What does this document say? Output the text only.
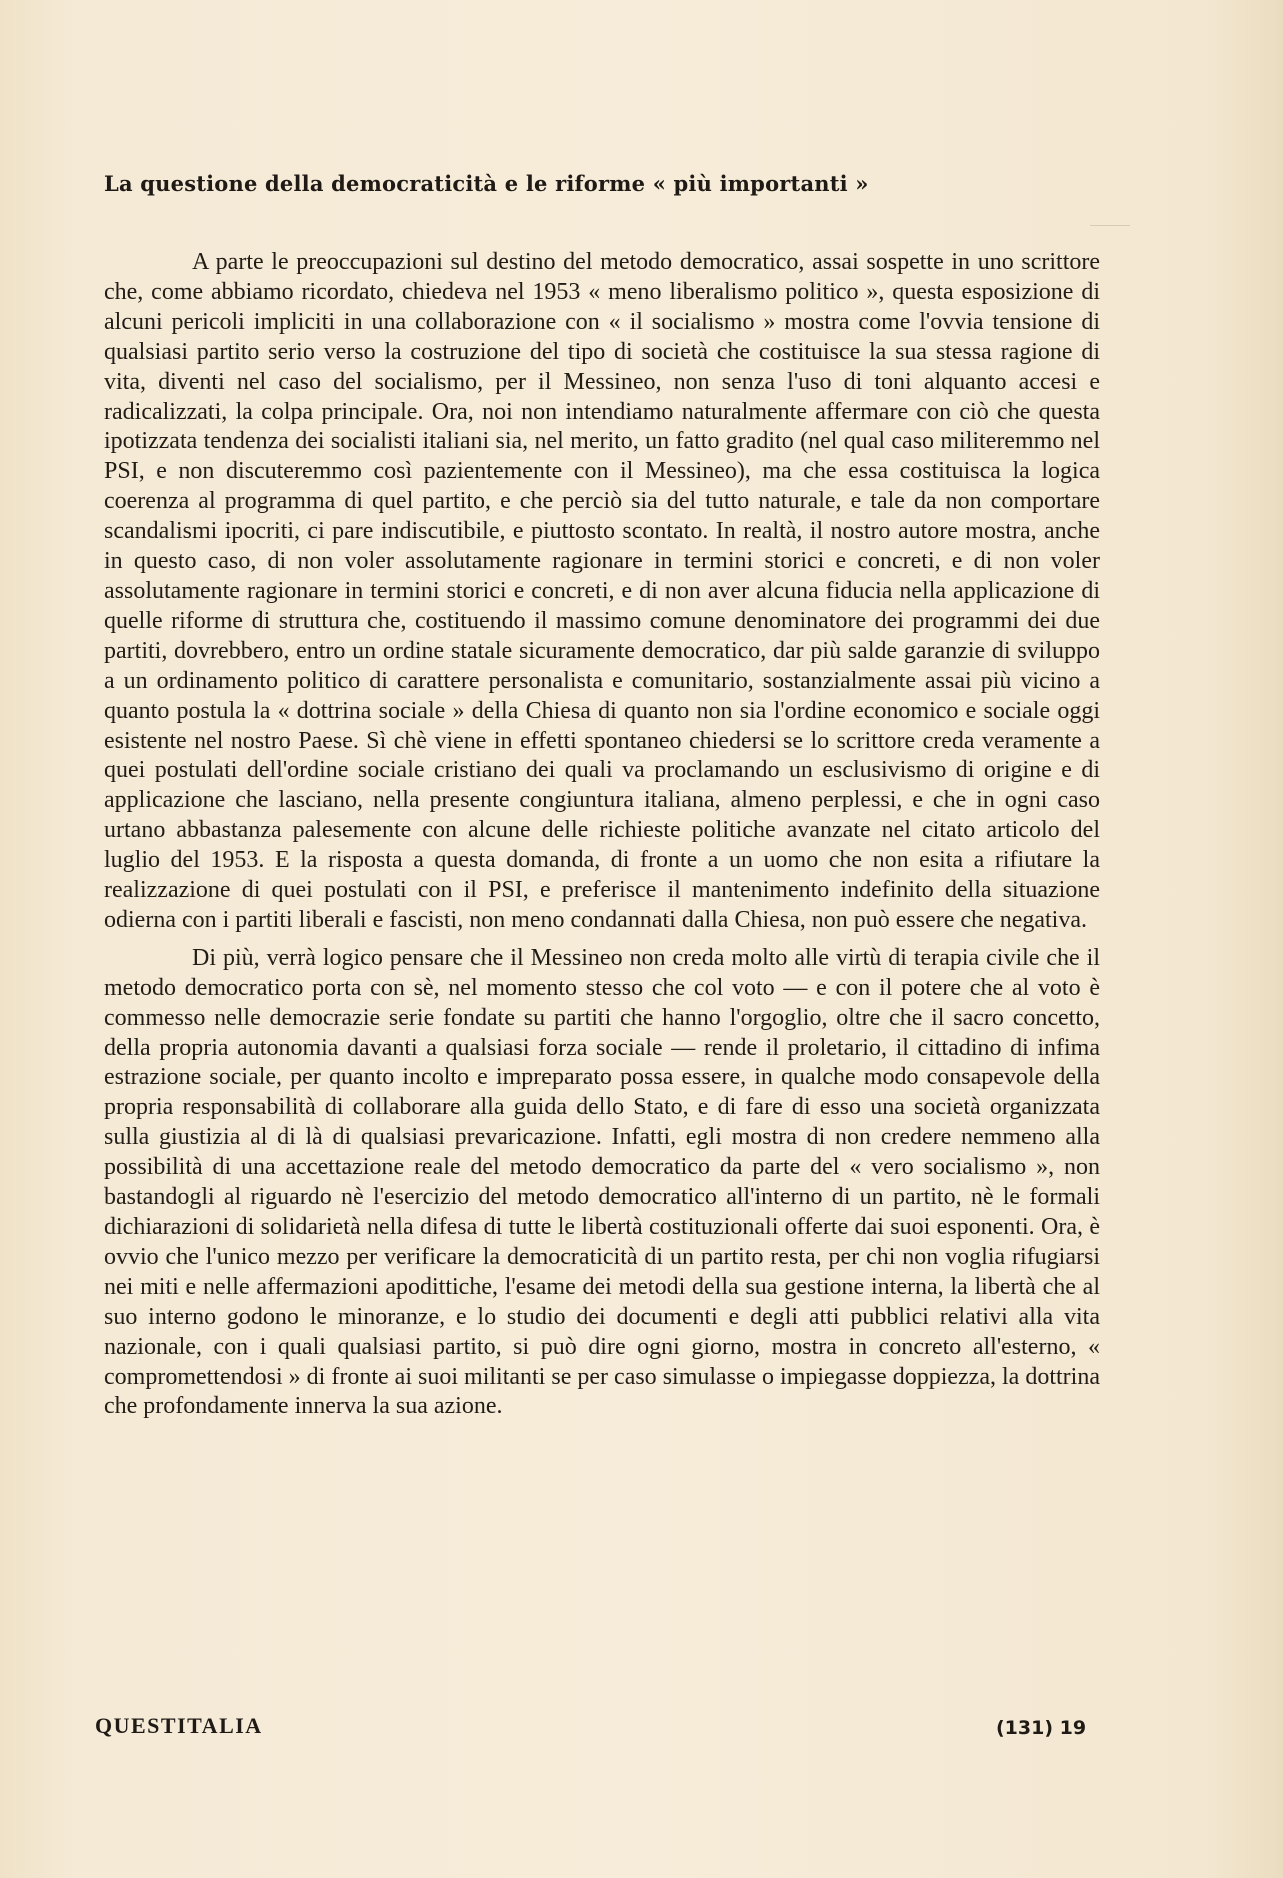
La questione della democraticità e le riforme « più importanti »

A parte le preoccupazioni sul destino del metodo democratico, assai sospette in uno scrittore che, come abbiamo ricordato, chiedeva nel 1953 « meno liberalismo politico », questa esposizione di alcuni pericoli impliciti in una collaborazione con « il socialismo » mostra come l'ovvia tensione di qualsiasi partito serio verso la costruzione del tipo di società che costituisce la sua stessa ragione di vita, diventi nel caso del socialismo, per il Messineo, non senza l'uso di toni alquanto accesi e radicalizzati, la colpa principale. Ora, noi non intendiamo naturalmente affermare con ciò che questa ipotizzata tendenza dei socialisti italiani sia, nel merito, un fatto gradito (nel qual caso militeremmo nel PSI, e non discuteremmo così pazientemente con il Messineo), ma che essa costituisca la logica coerenza al programma di quel partito, e che perciò sia del tutto naturale, e tale da non comportare scandalismi ipocriti, ci pare indiscutibile, e piuttosto scontato. In realtà, il nostro autore mostra, anche in questo caso, di non voler assolutamente ragionare in termini storici e concreti, e di non voler assolutamente ragionare in termini storici e concreti, e di non aver alcuna fiducia nella applicazione di quelle riforme di struttura che, costituendo il massimo comune denominatore dei programmi dei due partiti, dovrebbero, entro un ordine statale sicuramente democratico, dar più salde garanzie di sviluppo a un ordinamento politico di carattere personalista e comunitario, sostanzialmente assai più vicino a quanto postula la « dottrina sociale » della Chiesa di quanto non sia l'ordine economico e sociale oggi esistente nel nostro Paese. Sì chè viene in effetti spontaneo chiedersi se lo scrittore creda veramente a quei postulati dell'ordine sociale cristiano dei quali va proclamando un esclusivismo di origine e di applicazione che lasciano, nella presente congiuntura italiana, almeno perplessi, e che in ogni caso urtano abbastanza palesemente con alcune delle richieste politiche avanzate nel citato articolo del luglio del 1953. E la risposta a questa domanda, di fronte a un uomo che non esita a rifiutare la realizzazione di quei postulati con il PSI, e preferisce il mantenimento indefinito della situazione odierna con i partiti liberali e fascisti, non meno condannati dalla Chiesa, non può essere che negativa.

Di più, verrà logico pensare che il Messineo non creda molto alle virtù di terapia civile che il metodo democratico porta con sè, nel momento stesso che col voto — e con il potere che al voto è commesso nelle democrazie serie fondate su partiti che hanno l'orgoglio, oltre che il sacro concetto, della propria autonomia davanti a qualsiasi forza sociale — rende il proletario, il cittadino di infima estrazione sociale, per quanto incolto e impreparato possa essere, in qualche modo consapevole della propria responsabilità di collaborare alla guida dello Stato, e di fare di esso una società organizzata sulla giustizia al di là di qualsiasi prevaricazione. Infatti, egli mostra di non credere nemmeno alla possibilità di una accettazione reale del metodo democratico da parte del « vero socialismo », non bastandogli al riguardo nè l'esercizio del metodo democratico all'interno di un partito, nè le formali dichiarazioni di solidarietà nella difesa di tutte le libertà costituzionali offerte dai suoi esponenti. Ora, è ovvio che l'unico mezzo per verificare la democraticità di un partito resta, per chi non voglia rifugiarsi nei miti e nelle affermazioni apodittiche, l'esame dei metodi della sua gestione interna, la libertà che al suo interno godono le minoranze, e lo studio dei documenti e degli atti pubblici relativi alla vita nazionale, con i quali qualsiasi partito, si può dire ogni giorno, mostra in concreto all'esterno, « compromettendosi » di fronte ai suoi militanti se per caso simulasse o impiegasse doppiezza, la dottrina che profondamente innerva la sua azione.

QUESTITALIA	(131) 19
